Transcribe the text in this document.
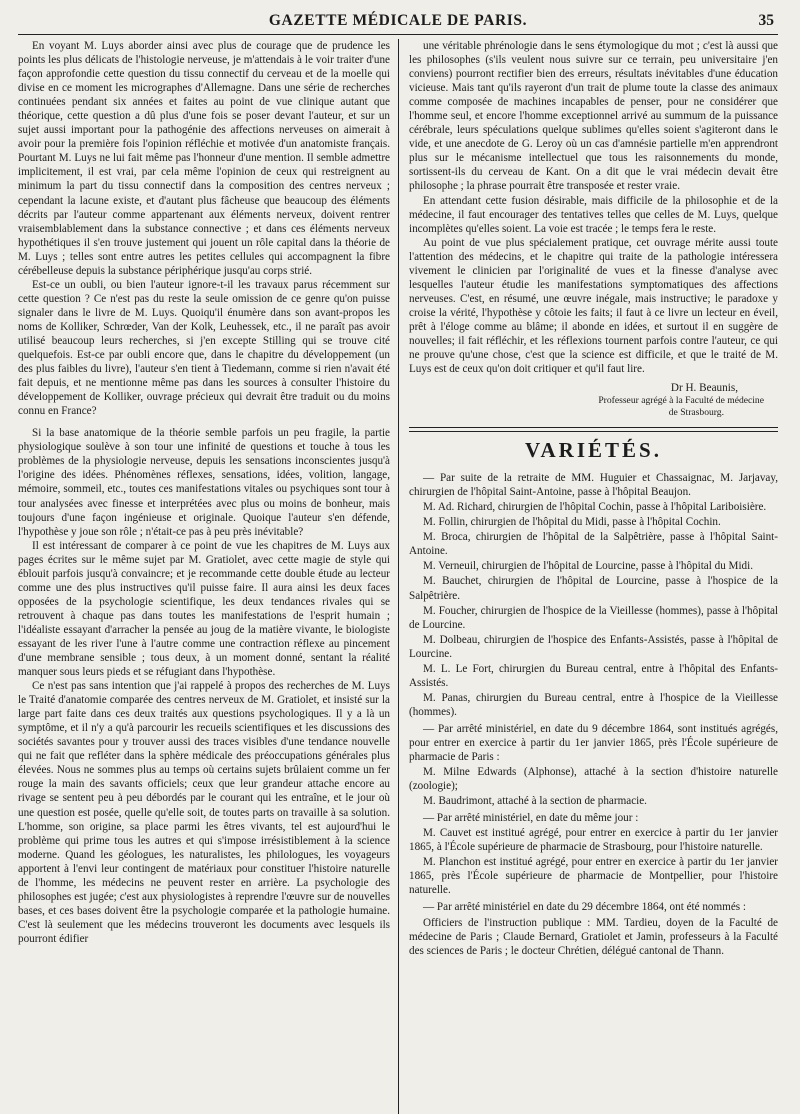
GAZETTE MÉDICALE DE PARIS.	35

En voyant M. Luys aborder ainsi avec plus de courage que de prudence les points les plus délicats de l'histologie nerveuse, je m'attendais à le voir traiter d'une façon approfondie cette question du tissu connectif du cerveau et de la moelle qui divise en ce moment les micrographes d'Allemagne. Dans une série de recherches continuées pendant six années et faites au point de vue clinique autant que théorique, cette question a dû plus d'une fois se poser devant l'auteur, et sur un sujet aussi important pour la pathogénie des affections nerveuses on aimerait à avoir pour la première fois l'opinion réfléchie et motivée d'un anatomiste français. Pourtant M. Luys ne lui fait même pas l'honneur d'une mention. Il semble admettre implicitement, il est vrai, par cela même l'opinion de ceux qui restreignent au minimum la part du tissu connectif dans la composition des centres nerveux ; cependant la lacune existe, et d'autant plus fâcheuse que beaucoup des éléments décrits par l'auteur comme appartenant aux éléments nerveux, doivent rentrer vraisemblablement dans la substance connective ; et dans ces éléments nerveux hypothétiques il s'en trouve justement qui jouent un rôle capital dans la théorie de M. Luys ; telles sont entre autres les petites cellules qui accompagnent la fibre cérébelleuse depuis la substance périphérique jusqu'au corps strié.

Est-ce un oubli, ou bien l'auteur ignore-t-il les travaux parus récemment sur cette question ? Ce n'est pas du reste la seule omission de ce genre qu'on puisse signaler dans le livre de M. Luys. Quoiqu'il énumère dans son avant-propos les noms de Kolliker, Schrœder, Van der Kolk, Leuhessek, etc., il ne paraît pas avoir utilisé beaucoup leurs recherches, si j'en excepte Stilling qui se trouve cité quelquefois. Est-ce par oubli encore que, dans le chapitre du développement (un des plus faibles du livre), l'auteur s'en tient à Tiedemann, comme si rien n'avait été fait depuis, et ne mentionne même pas dans les sources à consulter l'histoire du développement de Kolliker, ouvrage précieux qui devrait être traduit ou du moins connu en France?

Si la base anatomique de la théorie semble parfois un peu fragile, la partie physiologique soulève à son tour une infinité de questions et touche à tous les problèmes de la physiologie nerveuse, depuis les sensations inconscientes jusqu'à l'origine des idées. Phénomènes réflexes, sensations, idées, volition, langage, mémoire, sommeil, etc., toutes ces manifestations vitales ou psychiques sont tour à tour analysées avec finesse et interprétées avec plus ou moins de bonheur, mais toujours d'une façon ingénieuse et originale. Quoique l'auteur s'en défende, l'hypothèse y joue son rôle ; n'était-ce pas à peu près inévitable?

Il est intéressant de comparer à ce point de vue les chapitres de M. Luys aux pages écrites sur le même sujet par M. Gratiolet, avec cette magie de style qui éblouit parfois jusqu'à convaincre; et je recommande cette double étude au lecteur comme une des plus instructives qu'il puisse faire. Il aura ainsi les deux faces opposées de la psychologie scientifique, les deux tendances rivales qui se retrouvent à chaque pas dans toutes les manifestations de l'esprit humain ; l'idéaliste essayant d'arracher la pensée au joug de la matière vivante, le biologiste essayant de les river l'une à l'autre comme une contraction réflexe au pincement d'une membrane sensible ; tous deux, à un moment donné, sentant la réalité manquer sous leurs pieds et se réfugiant dans l'hypothèse.

Ce n'est pas sans intention que j'ai rappelé à propos des recherches de M. Luys le Traité d'anatomie comparée des centres nerveux de M. Gratiolet, et insisté sur la large part faite dans ces deux traités aux questions psychologiques. Il y a là un symptôme, et il n'y a qu'à parcourir les recueils scientifiques et les discussions des sociétés savantes pour y trouver aussi des traces visibles d'une tendance nouvelle qui ne fait que refléter dans la sphère médicale des préoccupations générales plus élevées. Nous ne sommes plus au temps où certains sujets brûlaient comme un fer rouge la main des savants officiels; ceux que leur grandeur attache encore au rivage se sentent peu à peu débordés par le courant qui les entraîne, et le jour où une question est posée, quelle qu'elle soit, de toutes parts on travaille à sa solution. L'homme, son origine, sa place parmi les êtres vivants, tel est aujourd'hui le problème qui prime tous les autres et qui s'impose irrésistiblement à la science moderne. Quand les géologues, les naturalistes, les philologues, les voyageurs apportent à l'envi leur contingent de matériaux pour constituer l'histoire naturelle de l'homme, les médecins ne peuvent rester en arrière. La psychologie des philosophes est jugée; c'est aux physiologistes à reprendre l'œuvre sur de nouvelles bases, et ces bases doivent être la psychologie comparée et la pathologie humaine. C'est là seulement que les médecins trouveront les documents avec lesquels ils pourront édifier

une véritable phrénologie dans le sens étymologique du mot ; c'est là aussi que les philosophes (s'ils veulent nous suivre sur ce terrain, peu universitaire j'en conviens) pourront rectifier bien des erreurs, résultats inévitables d'une éducation vicieuse. Mais tant qu'ils rayeront d'un trait de plume toute la classe des animaux comme composée de machines incapables de penser, pour ne considérer que l'homme seul, et encore l'homme exceptionnel arrivé au summum de la puissance cérébrale, leurs spéculations quelque sublimes qu'elles soient s'agiteront dans le vide, et une anecdote de G. Leroy où un cas d'amnésie partielle m'en apprendront plus sur le mécanisme intellectuel que tous les raisonnements du monde, sortissent-ils du cerveau de Kant. On a dit que le vrai médecin devait être philosophe ; la phrase pourrait être transposée et rester vraie.

En attendant cette fusion désirable, mais difficile de la philosophie et de la médecine, il faut encourager des tentatives telles que celles de M. Luys, quelque incomplètes qu'elles soient. La voie est tracée ; le temps fera le reste.

Au point de vue plus spécialement pratique, cet ouvrage mérite aussi toute l'attention des médecins, et le chapitre qui traite de la pathologie intéressera vivement le clinicien par l'originalité de vues et la finesse d'analyse avec lesquelles l'auteur étudie les manifestations symptomatiques des affections nerveuses. C'est, en résumé, une œuvre inégale, mais instructive; le paradoxe y croise la vérité, l'hypothèse y côtoie les faits; il faut à ce livre un lecteur en éveil, prêt à l'éloge comme au blâme; il abonde en idées, et surtout il en suggère de nouvelles; il fait réfléchir, et les réflexions tournent parfois contre l'auteur, ce qui ne prouve qu'une chose, c'est que la science est difficile, et que le traité de M. Luys est de ceux qu'on doit critiquer et qu'il faut lire.

Dr H. Beaunis,
Professeur agrégé à la Faculté de médecine
de Strasbourg.
VARIÉTÉS.

— Par suite de la retraite de MM. Huguier et Chassaignac, M. Jarjavay, chirurgien de l'hôpital Saint-Antoine, passe à l'hôpital Beaujon.

M. Ad. Richard, chirurgien de l'hôpital Cochin, passe à l'hôpital Lariboisière.

M. Follin, chirurgien de l'hôpital du Midi, passe à l'hôpital Cochin.

M. Broca, chirurgien de l'hôpital de la Salpêtrière, passe à l'hôpital Saint-Antoine.

M. Verneuil, chirurgien de l'hôpital de Lourcine, passe à l'hôpital du Midi.

M. Bauchet, chirurgien de l'hôpital de Lourcine, passe à l'hospice de la Salpêtrière.

M. Foucher, chirurgien de l'hospice de la Vieillesse (hommes), passe à l'hôpital de Lourcine.

M. Dolbeau, chirurgien de l'hospice des Enfants-Assistés, passe à l'hôpital de Lourcine.

M. L. Le Fort, chirurgien du Bureau central, entre à l'hôpital des Enfants-Assistés.

M. Panas, chirurgien du Bureau central, entre à l'hospice de la Vieillesse (hommes).

— Par arrêté ministériel, en date du 9 décembre 1864, sont institués agrégés, pour entrer en exercice à partir du 1er janvier 1865, près l'École supérieure de pharmacie de Paris :

M. Milne Edwards (Alphonse), attaché à la section d'histoire naturelle (zoologie);

M. Baudrimont, attaché à la section de pharmacie.

— Par arrêté ministériel, en date du même jour :

M. Cauvet est institué agrégé, pour entrer en exercice à partir du 1er janvier 1865, à l'École supérieure de pharmacie de Strasbourg, pour l'histoire naturelle.

M. Planchon est institué agrégé, pour entrer en exercice à partir du 1er janvier 1865, près l'École supérieure de pharmacie de Montpellier, pour l'histoire naturelle.

— Par arrêté ministériel en date du 29 décembre 1864, ont été nommés :

Officiers de l'instruction publique : MM. Tardieu, doyen de la Faculté de médecine de Paris ; Claude Bernard, Gratiolet et Jamin, professeurs à la Faculté des sciences de Paris ; le docteur Chrétien, délégué cantonal de Thann.
